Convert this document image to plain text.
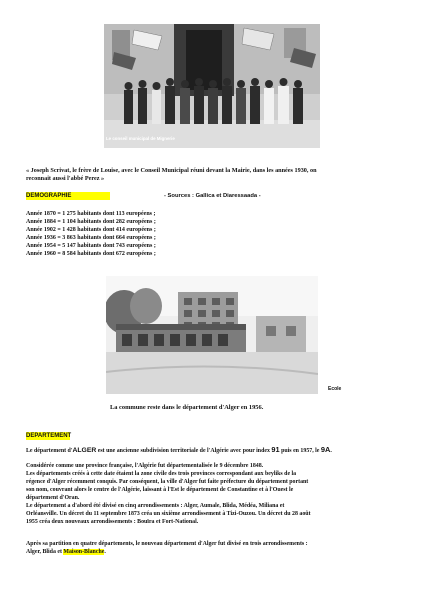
Le conseil municipal de Mignerie
« Joseph Scrivat, le frère de Louise, avec le Conseil Municipal réuni devant la Mairie, dans les années 1930, on
reconnait aussi l'abbé Perez »
DEMOGRAPHIE	- Sources : Gallica et Diaressaada -
Année 1870 = 1 275 habitants dont 113 européens ;
Année 1884 = 1 104 habitants dont 282 européens ;
Année 1902 = 1 428 habitants dont 414 européens ;
Année 1936 = 3 863 habitants dont 664 européens ;
Année 1954 = 5 147 habitants dont 743 européens ;
Année 1960 = 8 584 habitants dont 672 européens ;
Ecole
La commune reste dans le département d'Alger en 1956.
DEPARTEMENT
Le département d'ALGER est une ancienne subdivision territoriale de l'Algérie avec pour index 91 puis en 1957, le 9A.
Considérée comme une province française, l'Algérie fut départementalisée le 9 décembre 1848.
Les départements créés à cette date étaient la zone civile des trois provinces correspondant aux beyliks de la
régence d'Alger récemment conquis. Par conséquent, la ville d'Alger fut faite préfecture du département portant
son nom, couvrant alors le centre de l'Algérie, laissant à l'Est le département de Constantine et à l'Ouest le
département d'Oran.
Le département a d'abord été divisé en cinq arrondissements : Alger, Aumale, Blida, Médéa, Miliana et
Orléansville. Un décret du 11 septembre 1873 créa un sixième arrondissement à Tizi-Ouzou. Un décret du 28 août
1955 créa deux nouveaux arrondissements : Bouïra et Fort-National.
Après sa partition en quatre départements, le nouveau département d'Alger fut divisé en trois arrondissements :
Alger, Blida et Maison-Blanche.
